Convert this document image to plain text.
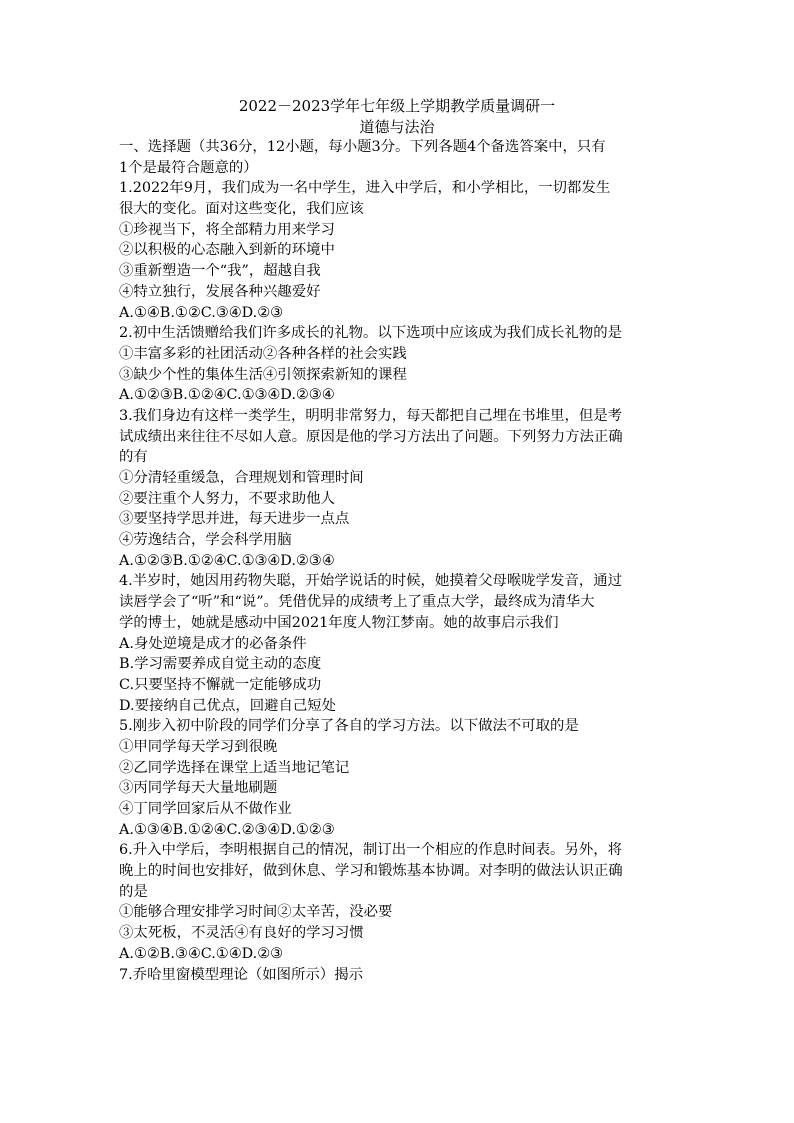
2022－2023学年七年级上学期教学质量调研一
道德与法治
一、选择题（共36分，12小题，每小题3分。下列各题4个备选答案中，只有
1个是最符合题意的）
1.2022年9月，我们成为一名中学生，进入中学后，和小学相比，一切都发生
很大的变化。面对这些变化，我们应该
①珍视当下，将全部精力用来学习
②以积极的心态融入到新的环境中
③重新塑造一个“我”，超越自我
④特立独行，发展各种兴趣爱好
A.①④B.①②C.③④D.②③
2.初中生活馈赠给我们许多成长的礼物。以下选项中应该成为我们成长礼物的是
①丰富多彩的社团活动②各种各样的社会实践
③缺少个性的集体生活④引领探索新知的课程
A.①②③B.①②④C.①③④D.②③④
3.我们身边有这样一类学生，明明非常努力，每天都把自己埋在书堆里，但是考
试成绩出来往往不尽如人意。原因是他的学习方法出了问题。下列努力方法正确
的有
①分清轻重缓急，合理规划和管理时间
②要注重个人努力，不要求助他人
③要坚持学思并进，每天进步一点点
④劳逸结合，学会科学用脑
A.①②③B.①②④C.①③④D.②③④
4.半岁时，她因用药物失聪，开始学说话的时候，她摸着父母喉咙学发音，通过
读唇学会了“听”和“说”。凭借优异的成绩考上了重点大学，最终成为清华大
学的博士，她就是感动中国2021年度人物江梦南。她的故事启示我们
A.身处逆境是成才的必备条件
B.学习需要养成自觉主动的态度
C.只要坚持不懈就一定能够成功
D.要接纳自己优点，回避自己短处
5.刚步入初中阶段的同学们分享了各自的学习方法。以下做法不可取的是
①甲同学每天学习到很晚
②乙同学选择在课堂上适当地记笔记
③丙同学每天大量地刷题
④丁同学回家后从不做作业
A.①③④B.①②④C.②③④D.①②③
6.升入中学后，李明根据自己的情况，制订出一个相应的作息时间表。另外，将
晚上的时间也安排好，做到休息、学习和锻炼基本协调。对李明的做法认识正确
的是
①能够合理安排学习时间②太辛苦，没必要
③太死板，不灵活④有良好的学习习惯
A.①②B.③④C.①④D.②③
7.乔哈里窗模型理论（如图所示）揭示
